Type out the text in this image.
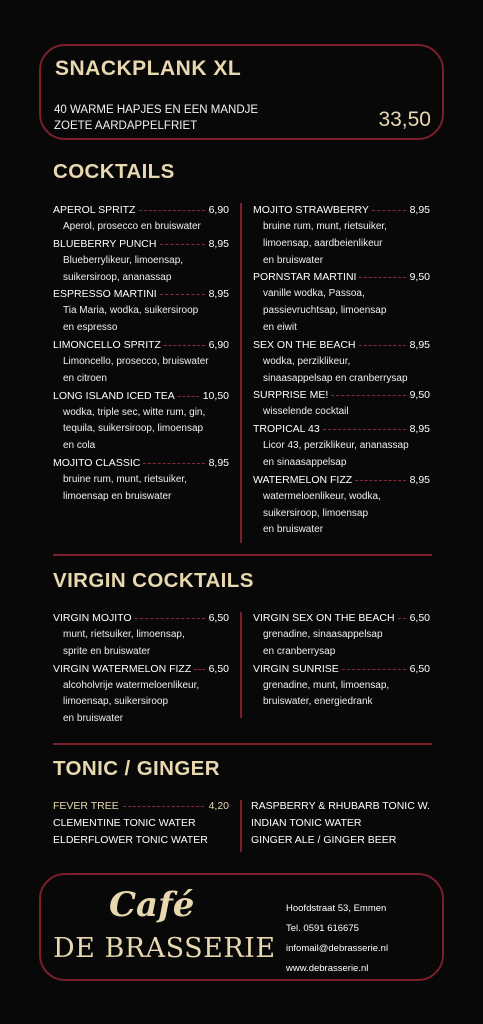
SNACKPLANK XL
40 WARME HAPJES EN EEN MANDJE
ZOETE AARDAPPELFRIET	33,50
COCKTAILS
APEROL SPRITZ	6,90
Aperol, prosecco en bruiswater
BLUEBERRY PUNCH	8,95
Blueberrylikeur, limoensap,
suikersiroop, ananassap
ESPRESSO MARTINI	8,95
Tia Maria, wodka, suikersiroop
en espresso
LIMONCELLO SPRITZ	6,90
Limoncello, prosecco, bruiswater
en citroen
LONG ISLAND ICED TEA	10,50
wodka, triple sec, witte rum, gin,
tequila, suikersiroop, limoensap
en cola
MOJITO CLASSIC	8,95
bruine rum, munt, rietsuiker,
limoensap en bruiswater
MOJITO STRAWBERRY	8,95
bruine rum, munt, rietsuiker,
limoensap, aardbeienlikeur
en bruiswater
PORNSTAR MARTINI	9,50
vanille wodka, Passoa,
passievruchtsap, limoensap
en eiwit
SEX ON THE BEACH	8,95
wodka, perziklikeur,
sinaasappelsap en cranberrysap
SURPRISE ME!	9,50
wisselende cocktail
TROPICAL 43	8,95
Licor 43, perziklikeur, ananassap
en sinaasappelsap
WATERMELON FIZZ	8,95
watermeloenlikeur, wodka,
suikersiroop, limoensap
en bruiswater
VIRGIN COCKTAILS
VIRGIN MOJITO	6,50
munt, rietsuiker, limoensap,
sprite en bruiswater
VIRGIN WATERMELON FIZZ 6,50
alcoholvrije watermeloenlikeur,
limoensap, suikersiroop
en bruiswater
VIRGIN SEX ON THE BEACH 6,50
grenadine, sinaasappelsap
en cranberrysap
VIRGIN SUNRISE	6,50
grenadine, munt, limoensap,
bruiswater, energiedrank
TONIC / GINGER
FEVER TREE	4,20
CLEMENTINE TONIC WATER
ELDERFLOWER TONIC WATER
RASPBERRY & RHUBARB TONIC W.
INDIAN TONIC WATER
GINGER ALE / GINGER BEER
Café
DE BRASSERIE
Hoofdstraat 53, Emmen
Tel. 0591 616675
infomail@debrasserie.nl
www.debrasserie.nl
